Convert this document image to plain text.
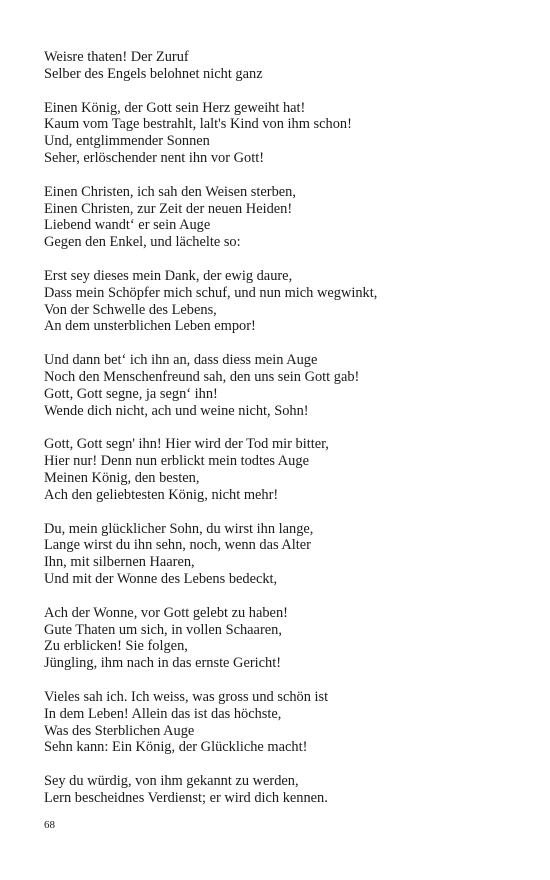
Weisre thaten! Der Zuruf
Selber des Engels belohnet nicht ganz
Einen König, der Gott sein Herz geweiht hat!
Kaum vom Tage bestrahlt, lalt's Kind von ihm schon!
Und, entglimmender Sonnen
Seher, erlöschender nent ihn vor Gott!
Einen Christen, ich sah den Weisen sterben,
Einen Christen, zur Zeit der neuen Heiden!
Liebend wandt‘ er sein Auge
Gegen den Enkel, und lächelte so:
Erst sey dieses mein Dank, der ewig daure,
Dass mein Schöpfer mich schuf, und nun mich wegwinkt,
Von der Schwelle des Lebens,
An dem unsterblichen Leben empor!
Und dann bet‘ ich ihn an, dass diess mein Auge
Noch den Menschenfreund sah, den uns sein Gott gab!
Gott, Gott segne, ja segn‘ ihn!
Wende dich nicht, ach und weine nicht, Sohn!
Gott, Gott segn' ihn! Hier wird der Tod mir bitter,
Hier nur! Denn nun erblickt mein todtes Auge
Meinen König, den besten,
Ach den geliebtesten König, nicht mehr!
Du, mein glücklicher Sohn, du wirst ihn lange,
Lange wirst du ihn sehn, noch, wenn das Alter
Ihn, mit silbernen Haaren,
Und mit der Wonne des Lebens bedeckt,
Ach der Wonne, vor Gott gelebt zu haben!
Gute Thaten um sich, in vollen Schaaren,
Zu erblicken! Sie folgen,
Jüngling, ihm nach in das ernste Gericht!
Vieles sah ich. Ich weiss, was gross und schön ist
In dem Leben! Allein das ist das höchste,
Was des Sterblichen Auge
Sehn kann: Ein König, der Glückliche macht!
Sey du würdig, von ihm gekannt zu werden,
Lern bescheidnes Verdienst; er wird dich kennen.
68
